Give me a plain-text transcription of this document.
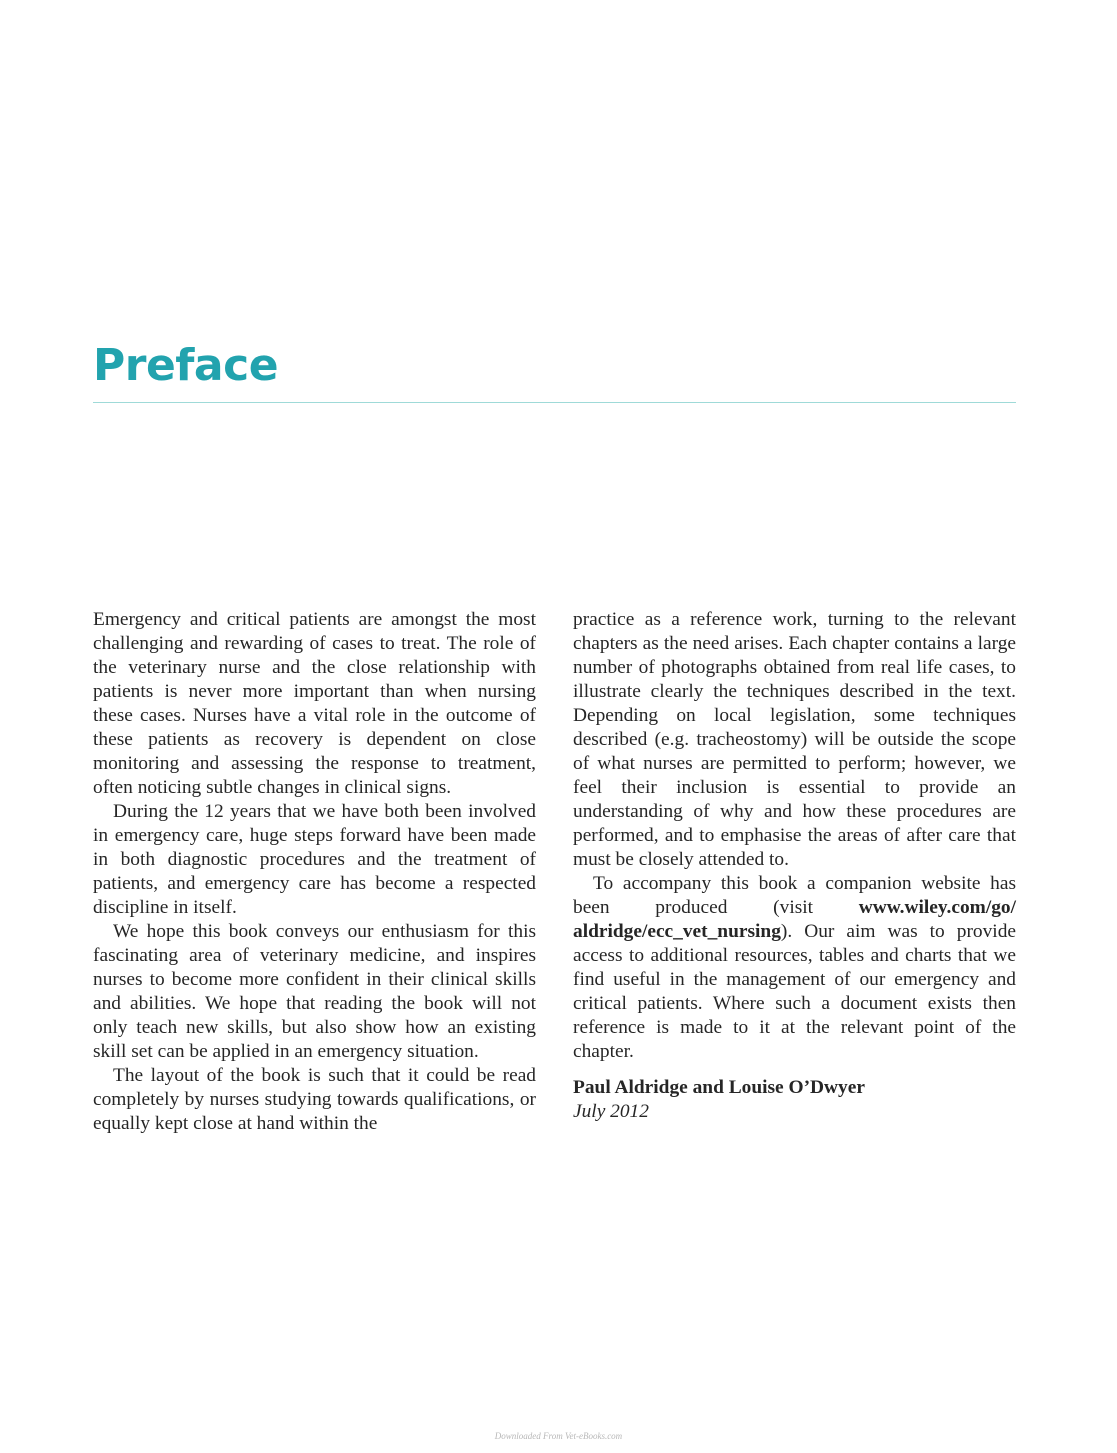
Preface

Emergency and critical patients are amongst the most challenging and rewarding of cases to treat. The role of the veterinary nurse and the close relationship with patients is never more important than when nursing these cases. Nurses have a vital role in the outcome of these patients as recovery is dependent on close monitoring and assessing the response to treatment, often noticing subtle changes in clinical signs.

During the 12 years that we have both been involved in emergency care, huge steps forward have been made in both diagnostic procedures and the treatment of patients, and emergency care has become a respected discipline in itself.

We hope this book conveys our enthusiasm for this fascinating area of veterinary medicine, and inspires nurses to become more confident in their clinical skills and abilities. We hope that reading the book will not only teach new skills, but also show how an existing skill set can be applied in an emergency situation.

The layout of the book is such that it could be read completely by nurses studying towards qualifications, or equally kept close at hand within the

practice as a reference work, turning to the relevant chapters as the need arises. Each chapter contains a large number of photographs obtained from real life cases, to illustrate clearly the techniques described in the text. Depending on local legislation, some techniques described (e.g. tracheostomy) will be outside the scope of what nurses are permitted to perform; however, we feel their inclusion is essential to provide an understanding of why and how these procedures are performed, and to emphasise the areas of after care that must be closely attended to.

To accompany this book a companion website has been produced (visit www.wiley.com/go/ aldridge/ecc_vet_nursing). Our aim was to provide access to additional resources, tables and charts that we find useful in the management of our emergency and critical patients. Where such a document exists then reference is made to it at the relevant point of the chapter.

Paul Aldridge and Louise O’Dwyer
July 2012
Downloaded From Vet-eBooks.com
